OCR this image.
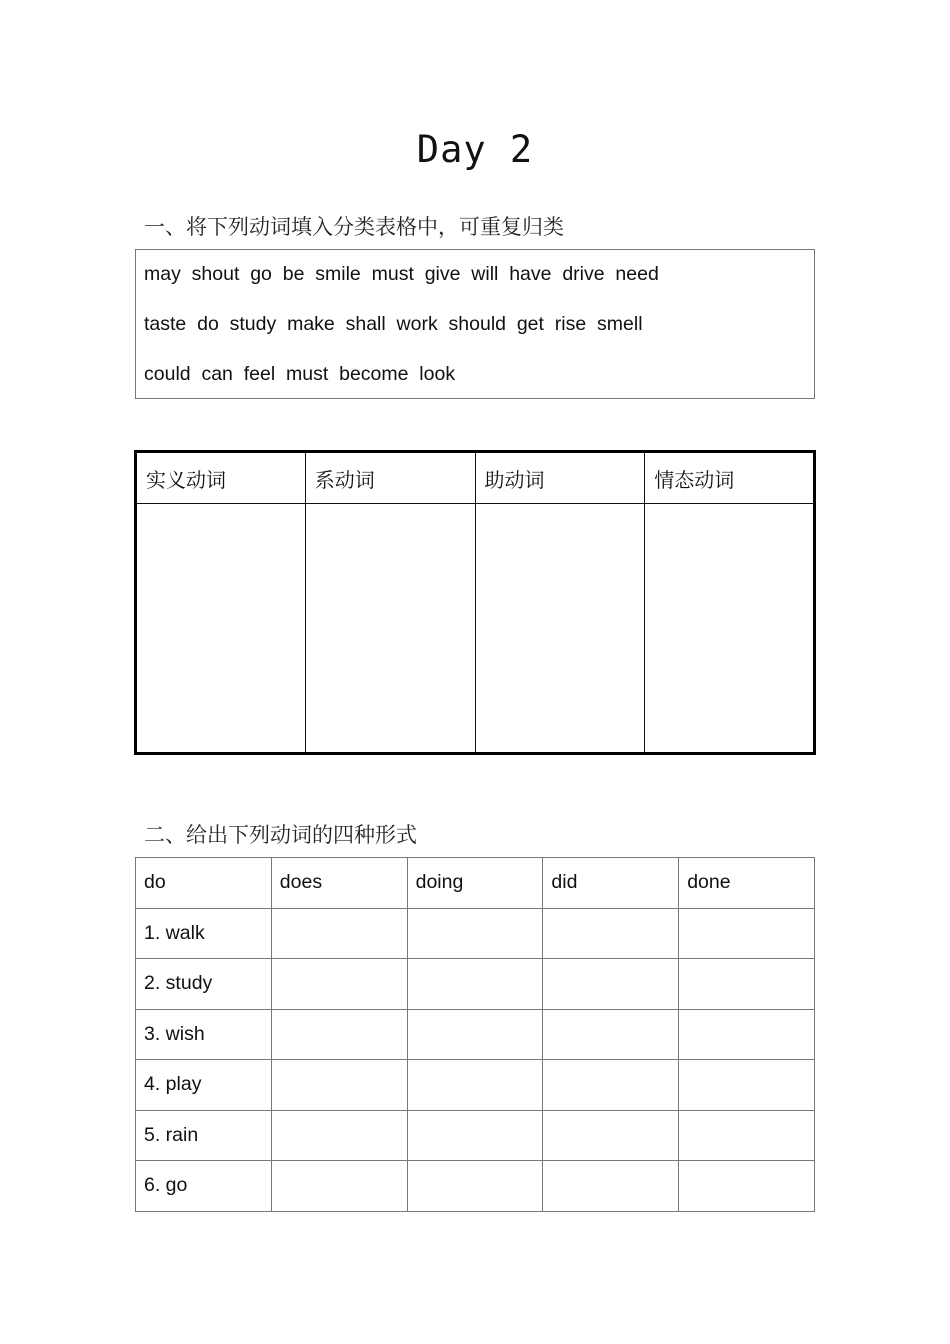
Day 2
一、将下列动词填入分类表格中，可重复归类
may  shout  go  be  smile  must  give  will  have  drive  need
taste  do  study  make  shall  work  should  get  rise  smell
could  can  feel  must  become  look
实义动词	系动词	助动词	情态动词

二、给出下列动词的四种形式
do	does	doing	did	done
1. walk				
2. study				
3. wish				
4. play				
5. rain				
6. go				
